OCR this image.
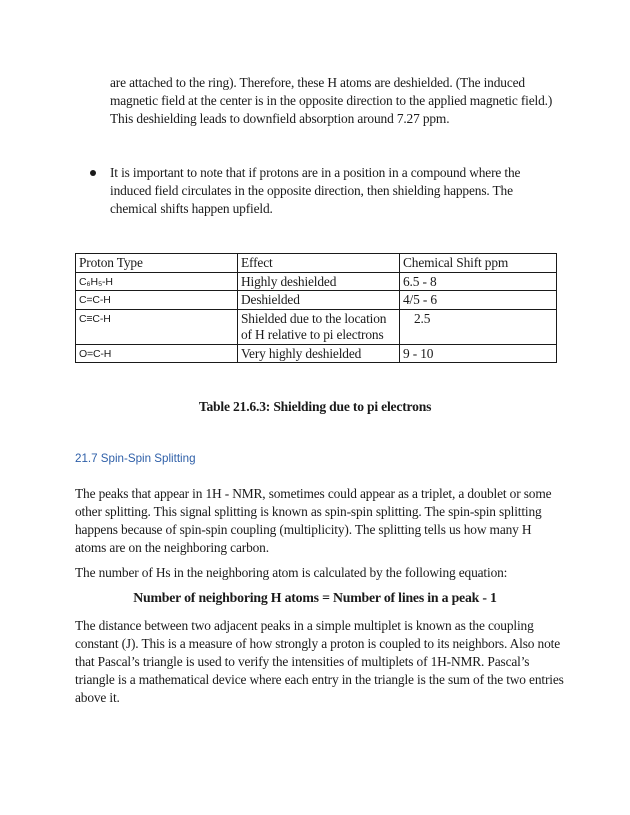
are attached to the ring). Therefore, these H atoms are deshielded. (The induced magnetic field at the center is in the opposite direction to the applied magnetic field.) This deshielding leads to downfield absorption around 7.27 ppm.

It is important to note that if protons are in a position in a compound where the induced field circulates in the opposite direction, then shielding happens. The chemical shifts happen upfield.

Proton Type	Effect	Chemical Shift ppm
C₆H₅-H	Highly deshielded	6.5 - 8
C=C-H	Deshielded	4/5 - 6
C≡C-H	Shielded due to the location of H relative to pi electrons	2.5
O=C-H	Very highly deshielded	9 - 10

Table 21.6.3: Shielding due to pi electrons

21.7 Spin-Spin Splitting

The peaks that appear in 1H - NMR, sometimes could appear as a triplet, a doublet or some other splitting. This signal splitting is known as spin-spin splitting. The spin-spin splitting happens because of spin-spin coupling (multiplicity). The splitting tells us how many H atoms are on the neighboring carbon.

The number of Hs in the neighboring atom is calculated by the following equation:

Number of neighboring H atoms = Number of lines in a peak - 1

The distance between two adjacent peaks in a simple multiplet is known as the coupling constant (J). This is a measure of how strongly a proton is coupled to its neighbors. Also note that Pascal’s triangle is used to verify the intensities of multiplets of 1H-NMR. Pascal’s triangle is a mathematical device where each entry in the triangle is the sum of the two entries above it.
